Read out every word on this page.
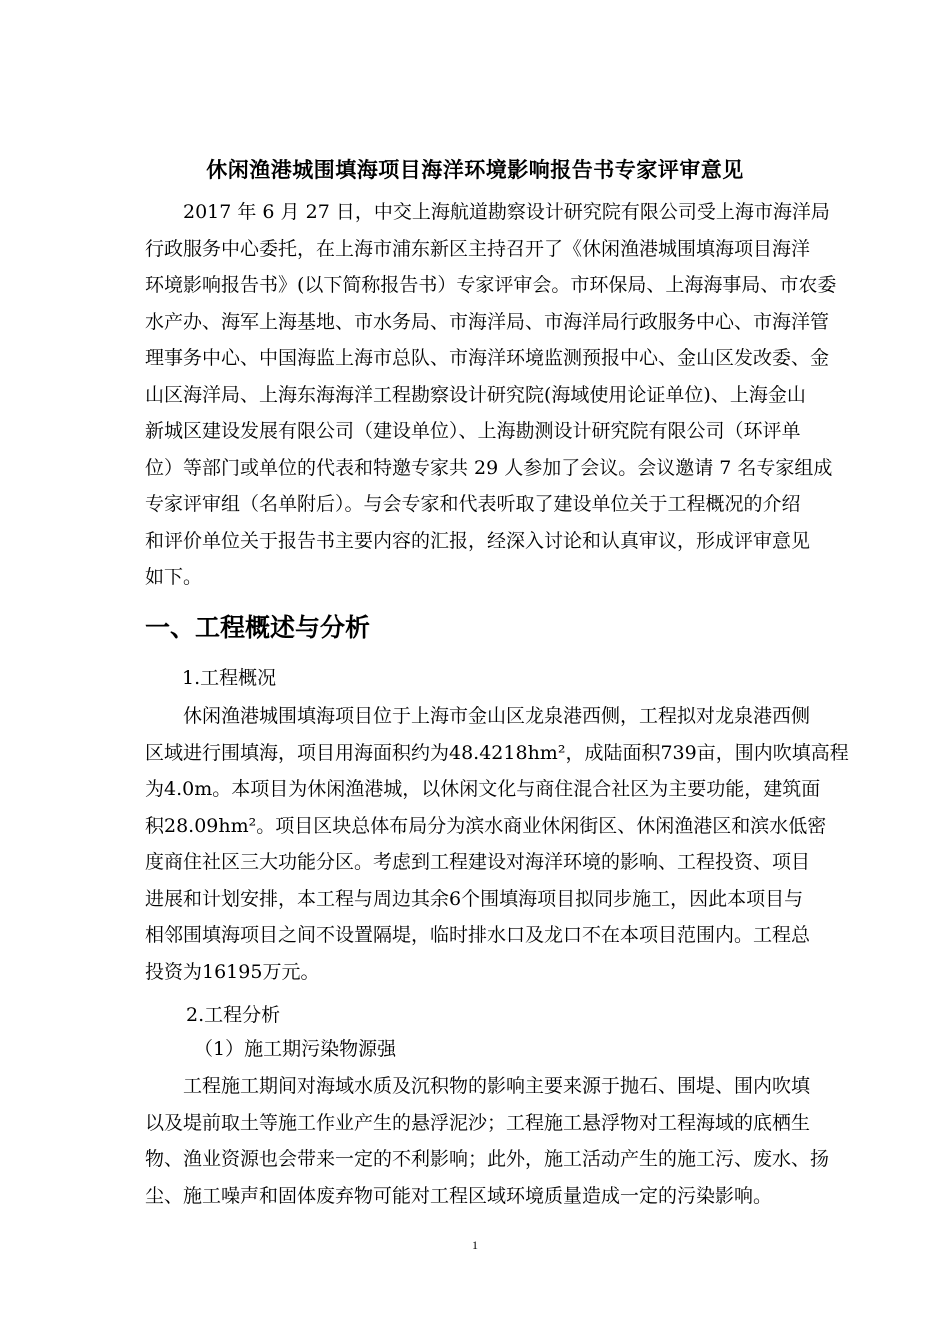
休闲渔港城围填海项目海洋环境影响报告书专家评审意见
2017 年 6 月 27 日，中交上海航道勘察设计研究院有限公司受上海市海洋局
行政服务中心委托，在上海市浦东新区主持召开了《休闲渔港城围填海项目海洋
环境影响报告书》(以下简称报告书）专家评审会。市环保局、上海海事局、市农委
水产办、海军上海基地、市水务局、市海洋局、市海洋局行政服务中心、市海洋管
理事务中心、中国海监上海市总队、市海洋环境监测预报中心、金山区发改委、金
山区海洋局、上海东海海洋工程勘察设计研究院(海域使用论证单位)、上海金山
新城区建设发展有限公司（建设单位）、上海勘测设计研究院有限公司（环评单
位）等部门或单位的代表和特邀专家共 29 人参加了会议。会议邀请 7 名专家组成
专家评审组（名单附后）。与会专家和代表听取了建设单位关于工程概况的介绍
和评价单位关于报告书主要内容的汇报，经深入讨论和认真审议，形成评审意见
如下。
一、工程概述与分析
1.工程概况
休闲渔港城围填海项目位于上海市金山区龙泉港西侧，工程拟对龙泉港西侧
区域进行围填海，项目用海面积约为48.4218hm²，成陆面积739亩，围内吹填高程
为4.0m。本项目为休闲渔港城，以休闲文化与商住混合社区为主要功能，建筑面
积28.09hm²。项目区块总体布局分为滨水商业休闲街区、休闲渔港区和滨水低密
度商住社区三大功能分区。考虑到工程建设对海洋环境的影响、工程投资、项目
进展和计划安排，本工程与周边其余6个围填海项目拟同步施工，因此本项目与
相邻围填海项目之间不设置隔堤，临时排水口及龙口不在本项目范围内。工程总
投资为16195万元。
2.工程分析
（1）施工期污染物源强
工程施工期间对海域水质及沉积物的影响主要来源于抛石、围堤、围内吹填
以及堤前取土等施工作业产生的悬浮泥沙；工程施工悬浮物对工程海域的底栖生
物、渔业资源也会带来一定的不利影响；此外，施工活动产生的施工污、废水、扬
尘、施工噪声和固体废弃物可能对工程区域环境质量造成一定的污染影响。
1
